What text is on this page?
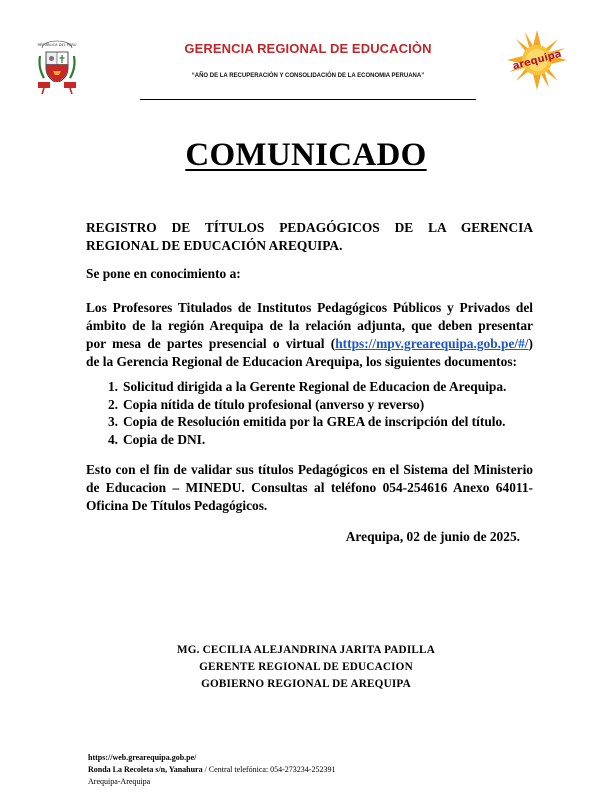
REPÚBLICA DEL PERÚ
arequipa
GERENCIA REGIONAL DE EDUCACIÒN
“AÑO DE LA RECUPERACIÓN Y CONSOLIDACIÓN DE LA ECONOMIA PERUANA”
COMUNICADO
REGISTRO DE TÍTULOS PEDAGÓGICOS DE LA GERENCIA
REGIONAL DE EDUCACIÓN AREQUIPA.
Se pone en conocimiento a:
Los Profesores Titulados de Institutos Pedagógicos Públicos y Privados del
ámbito de la región Arequipa de la relación adjunta, que deben presentar
por mesa de partes presencial o virtual (https://mpv.grearequipa.gob.pe/#/)
de la Gerencia Regional de Educacion Arequipa, los siguientes documentos:
1. Solicitud dirigida a la Gerente Regional de Educacion de Arequipa.
2. Copia nítida de título profesional (anverso y reverso)
3. Copia de Resolución emitida por la GREA de inscripción del título.
4. Copia de DNI.
Esto con el fin de validar sus títulos Pedagógicos en el Sistema del Ministerio
de Educacion – MINEDU. Consultas al teléfono 054-254616 Anexo 64011-
Oficina De Títulos Pedagógicos.
Arequipa, 02 de junio de 2025.
MG. CECILIA ALEJANDRINA JARITA PADILLA
GERENTE REGIONAL DE EDUCACION
GOBIERNO REGIONAL DE AREQUIPA
https://web.grearequipa.gob.pe/
Ronda La Recoleta s/n, Yanahura / Central telefónica: 054-273234-252391
Arequipa-Arequipa
